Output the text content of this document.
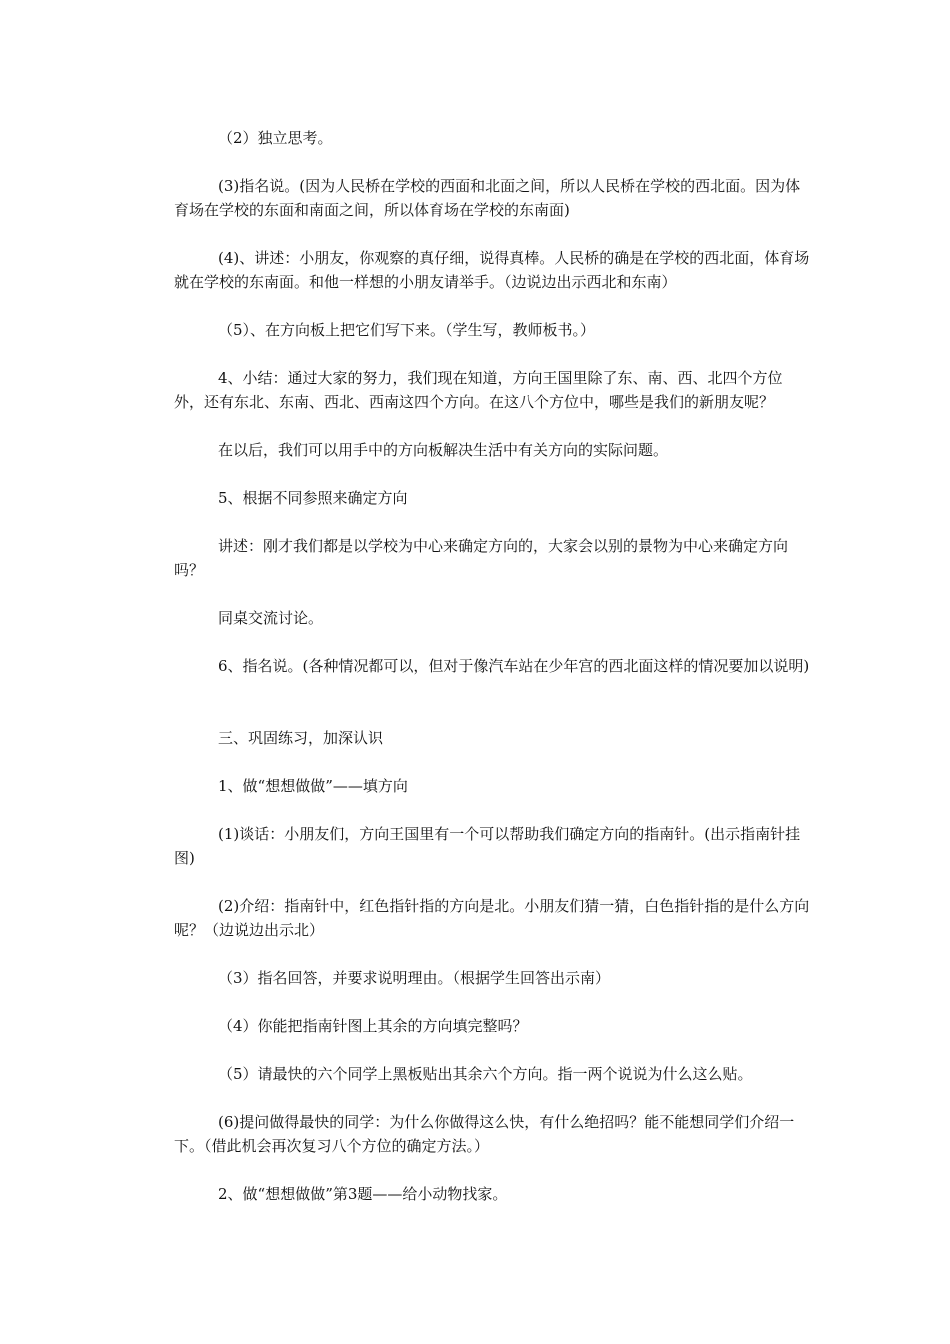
（2）独立思考。

(3)指名说。(因为人民桥在学校的西面和北面之间，所以人民桥在学校的西北面。因为体育场在学校的东面和南面之间，所以体育场在学校的东南面)

(4)、讲述：小朋友，你观察的真仔细，说得真棒。人民桥的确是在学校的西北面，体育场就在学校的东南面。和他一样想的小朋友请举手。（边说边出示西北和东南）

（5）、在方向板上把它们写下来。（学生写，教师板书。）

4、小结：通过大家的努力，我们现在知道，方向王国里除了东、南、西、北四个方位外，还有东北、东南、西北、西南这四个方向。在这八个方位中，哪些是我们的新朋友呢？

在以后，我们可以用手中的方向板解决生活中有关方向的实际问题。

5、根据不同参照来确定方向

讲述：刚才我们都是以学校为中心来确定方向的，大家会以别的景物为中心来确定方向吗？

同桌交流讨论。

6、指名说。(各种情况都可以，但对于像汽车站在少年宫的西北面这样的情况要加以说明)

三、巩固练习，加深认识

1、做“想想做做”——填方向

(1)谈话：小朋友们，方向王国里有一个可以帮助我们确定方向的指南针。(出示指南针挂图)

(2)介绍：指南针中，红色指针指的方向是北。小朋友们猜一猜，白色指针指的是什么方向呢？（边说边出示北）

（3）指名回答，并要求说明理由。（根据学生回答出示南）

（4）你能把指南针图上其余的方向填完整吗？

（5）请最快的六个同学上黑板贴出其余六个方向。指一两个说说为什么这么贴。

(6)提问做得最快的同学：为什么你做得这么快，有什么绝招吗？能不能想同学们介绍一下。（借此机会再次复习八个方位的确定方法。）

2、做“想想做做”第3题——给小动物找家。
